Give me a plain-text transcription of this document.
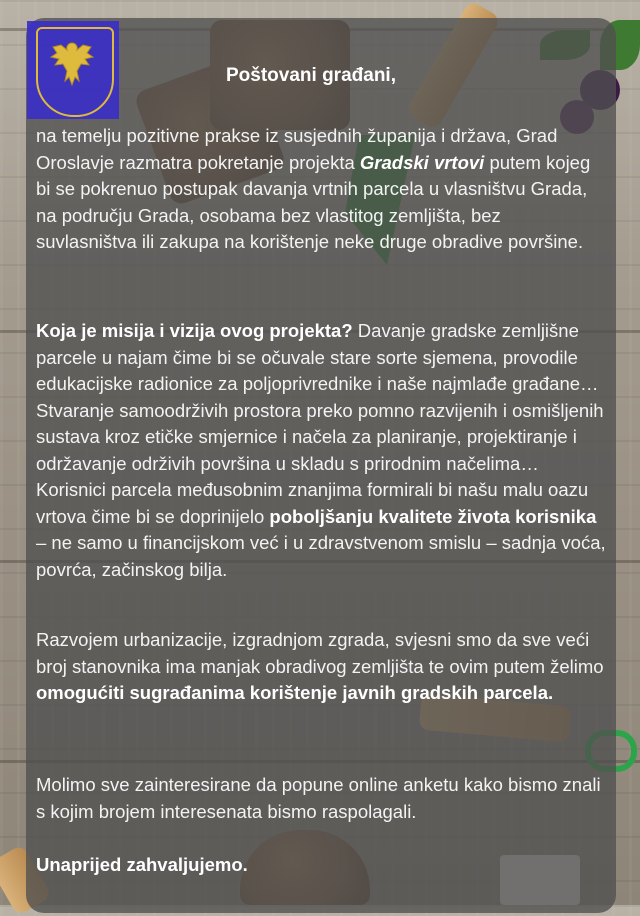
Poštovani građani,

na temelju pozitivne prakse iz susjednih županija i država, Grad Oroslavje razmatra pokretanje projekta Gradski vrtovi putem kojeg bi se pokrenuo postupak davanja vrtnih parcela u vlasništvu Grada, na području Grada, osobama bez vlastitog zemljišta, bez suvlasništva ili zakupa na korištenje neke druge obradive površine.

Koja je misija i vizija ovog projekta? Davanje gradske zemljišne parcele u najam čime bi se očuvale stare sorte sjemena, provodile edukacijske radionice za poljoprivrednike i naše najmlađe građane… Stvaranje samoodrživih prostora preko pomno razvijenih i osmišljenih sustava kroz etičke smjernice i načela za planiranje, projektiranje i održavanje održivih površina u skladu s prirodnim načelima… Korisnici parcela međusobnim znanjima formirali bi našu malu oazu vrtova čime bi se doprinijelo poboljšanju kvalitete života korisnika – ne samo u financijskom već i u zdravstvenom smislu – sadnja voća, povrća, začinskog bilja.

Razvojem urbanizacije, izgradnjom zgrada, svjesni smo da sve veći broj stanovnika ima manjak obradivog zemljišta te ovim putem želimo omogućiti sugrađanima korištenje javnih gradskih parcela.

Molimo sve zainteresirane da popune online anketu kako bismo znali s kojim brojem interesenata bismo raspolagali.

Unaprijed zahvaljujemo.
